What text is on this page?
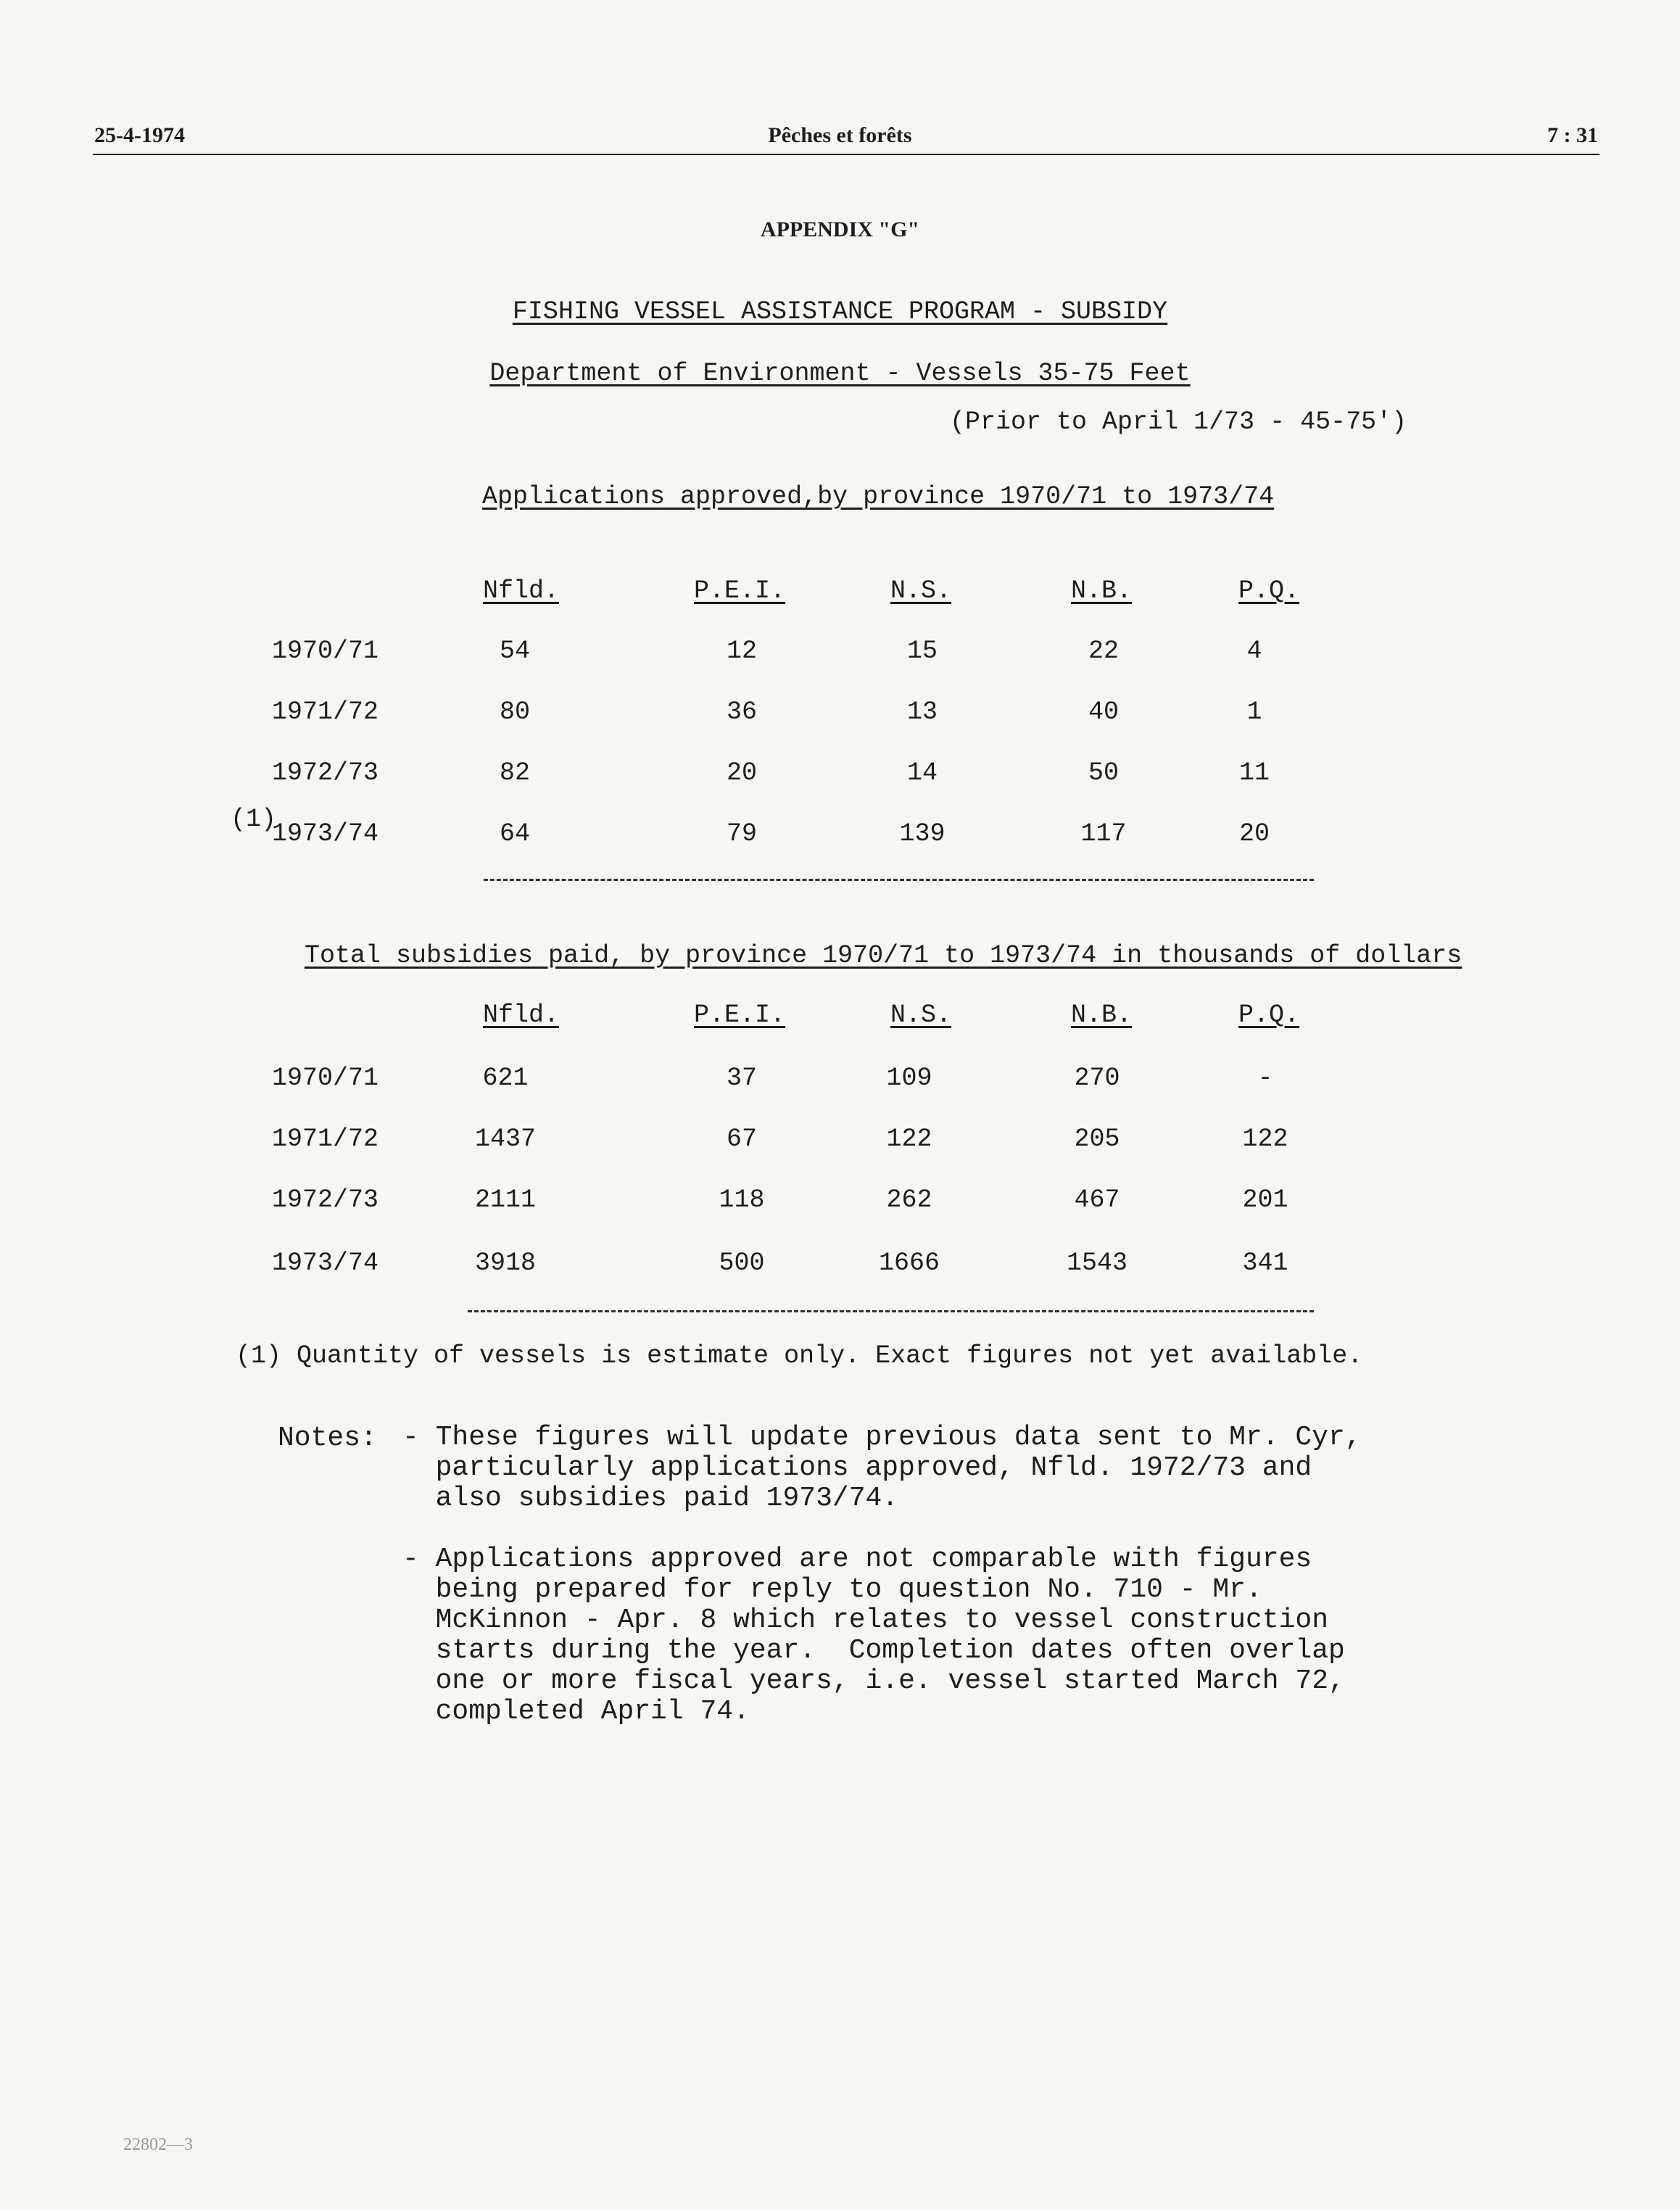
25-4-1974	Pêches et forêts	7 : 31
APPENDIX "G"
FISHING VESSEL ASSISTANCE PROGRAM - SUBSIDY
Department of Environment - Vessels 35-75 Feet
(Prior to April 1/73 - 45-75')
Applications approved,by province 1970/71 to 1973/74
Nfld.	P.E.I.	N.S.	N.B.	P.Q.
1970/71	54	12	15	22	4
1971/72	80	36	13	40	1
1972/73	82	20	14	50	11
(1)
1973/74	64	79	139	117	20
Total subsidies paid, by province 1970/71 to 1973/74 in thousands of dollars
Nfld.	P.E.I.	N.S.	N.B.	P.Q.
1970/71	621	37	109	270	-
1971/72	1437	67	122	205	122
1972/73	2111	118	262	467	201
1973/74	3918	500	1666	1543	341
(1) Quantity of vessels is estimate only. Exact figures not yet available.
Notes: - These figures will update previous data sent to Mr. Cyr,
particularly applications approved, Nfld. 1972/73 and
also subsidies paid 1973/74.
- Applications approved are not comparable with figures
being prepared for reply to question No. 710 - Mr.
McKinnon - Apr. 8 which relates to vessel construction
starts during the year.  Completion dates often overlap
one or more fiscal years, i.e. vessel started March 72,
completed April 74.
22802—3
